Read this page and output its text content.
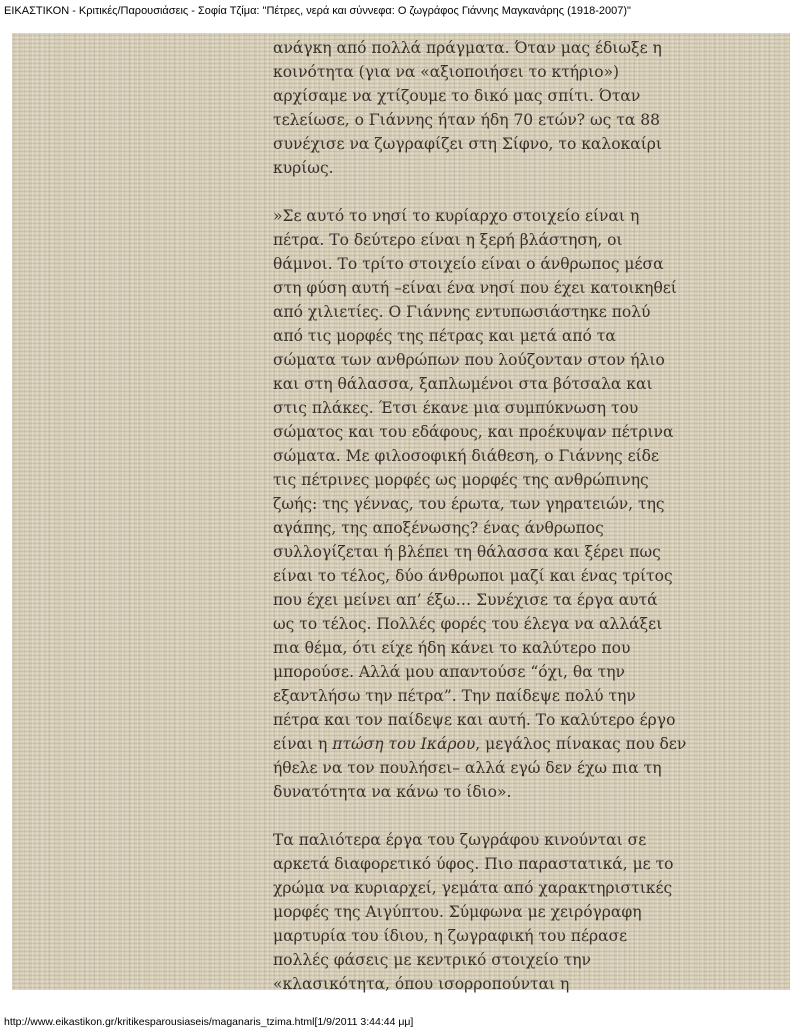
ΕΙΚΑΣΤΙΚΟΝ - Κριτικές/Παρουσιάσεις - Σοφία Τζίμα: "Πέτρες, νερά και σύννεφα: Ο ζωγράφος Γιάννης Μαγκανάρης (1918-2007)"
ανάγκη από πολλά πράγματα. Όταν μας έδιωξε η
κοινότητα (για να «αξιοποιήσει το κτήριο»)
αρχίσαμε να χτίζουμε το δικό μας σπίτι. Όταν
τελείωσε, ο Γιάννης ήταν ήδη 70 ετών? ως τα 88
συνέχισε να ζωγραφίζει στη Σίφνο, το καλοκαίρι
κυρίως.
»Σε αυτό το νησί το κυρίαρχο στοιχείο είναι η
πέτρα. Το δεύτερο είναι η ξερή βλάστηση, οι
θάμνοι. Το τρίτο στοιχείο είναι ο άνθρωπος μέσα
στη φύση αυτή –είναι ένα νησί που έχει κατοικηθεί
από χιλιετίες. Ο Γιάννης εντυπωσιάστηκε πολύ
από τις μορφές της πέτρας και μετά από τα
σώματα των ανθρώπων που λούζονταν στον ήλιο
και στη θάλασσα, ξαπλωμένοι στα βότσαλα και
στις πλάκες. Έτσι έκανε μια συμπύκνωση του
σώματος και του εδάφους, και προέκυψαν πέτρινα
σώματα. Με φιλοσοφική διάθεση, ο Γιάννης είδε
τις πέτρινες μορφές ως μορφές της ανθρώπινης
ζωής: της γέννας, του έρωτα, των γηρατειών, της
αγάπης, της αποξένωσης? ένας άνθρωπος
συλλογίζεται ή βλέπει τη θάλασσα και ξέρει πως
είναι το τέλος, δύο άνθρωποι μαζί και ένας τρίτος
που έχει μείνει απ’ έξω… Συνέχισε τα έργα αυτά
ως το τέλος. Πολλές φορές του έλεγα να αλλάξει
πια θέμα, ότι είχε ήδη κάνει το καλύτερο που
μπορούσε. Αλλά μου απαντούσε “όχι, θα την
εξαντλήσω την πέτρα”. Την παίδεψε πολύ την
πέτρα και τον παίδεψε και αυτή. Το καλύτερο έργο
είναι η πτώση του Ικάρου, μεγάλος πίνακας που δεν
ήθελε να τον πουλήσει– αλλά εγώ δεν έχω πια τη
δυνατότητα να κάνω το ίδιο».
Τα παλιότερα έργα του ζωγράφου κινούνται σε
αρκετά διαφορετικό ύφος. Πιο παραστατικά, με το
χρώμα να κυριαρχεί, γεμάτα από χαρακτηριστικές
μορφές της Αιγύπτου. Σύμφωνα με χειρόγραφη
μαρτυρία του ίδιου, η ζωγραφική του πέρασε
πολλές φάσεις με κεντρικό στοιχείο την
«κλασικότητα, όπου ισορροπούνται η
http://www.eikastikon.gr/kritikesparousiaseis/maganaris_tzima.html[1/9/2011 3:44:44 μμ]
